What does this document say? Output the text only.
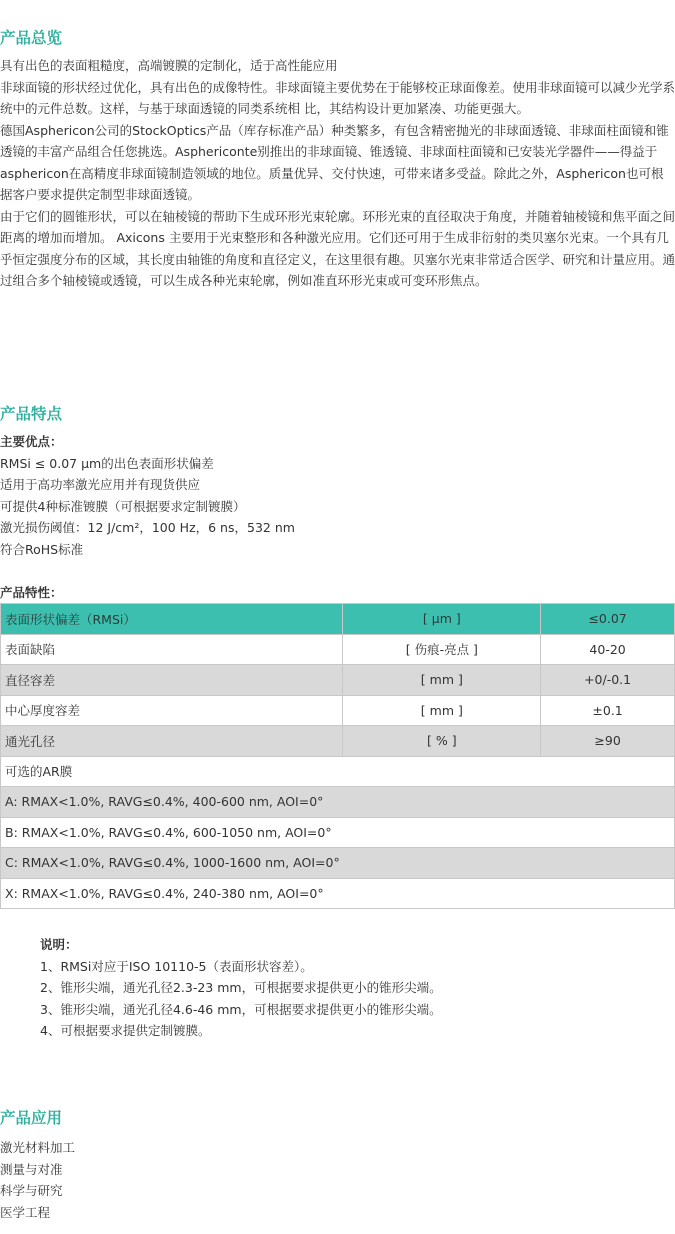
产品总览

具有出色的表面粗糙度，高端镀膜的定制化，适于高性能应用

非球面镜的形状经过优化，具有出色的成像特性。非球面镜主要优势在于能够校正球面像差。使用非球面镜可以减少光学系统中的元件总数。这样，与基于球面透镜的同类系统相 比，其结构设计更加紧凑、功能更强大。

德国Asphericon公司的StockOptics产品（库存标准产品）种类繁多，有包含精密抛光的非球面透镜、非球面柱面镜和锥透镜的丰富产品组合任您挑选。Asphericonte别推出的非球面镜、锥透镜、非球面柱面镜和已安装光学器件——得益于asphericon在高精度非球面镜制造领域的地位。质量优异、交付快速，可带来诸多受益。除此之外，Asphericon也可根据客户要求提供定制型非球面透镜。

由于它们的圆锥形状，可以在轴棱镜的帮助下生成环形光束轮廓。环形光束的直径取决于角度，并随着轴棱镜和焦平面之间距离的增加而增加。 Axicons 主要用于光束整形和各种激光应用。它们还可用于生成非衍射的类贝塞尔光束。一个具有几乎恒定强度分布的区域，其长度由轴锥的角度和直径定义，在这里很有趣。贝塞尔光束非常适合医学、研究和计量应用。通过组合多个轴棱镜或透镜，可以生成各种光束轮廓，例如准直环形光束或可变环形焦点。

产品特点
主要优点：
RMSi ≤ 0.07 µm的出色表面形状偏差
适用于高功率激光应用并有现货供应
可提供4种标准镀膜（可根据要求定制镀膜）
激光损伤阈值：12 J/cm²，100 Hz，6 ns，532 nm
符合RoHS标准
产品特性：
表面形状偏差（RMSi）	[ µm ]	≤0.07
表面缺陷	[ 伤痕-亮点 ]	40-20
直径容差	[ mm ]	+0/-0.1
中心厚度容差	[ mm ]	±0.1
通光孔径	[ % ]	≥90
可选的AR膜		
A: RMAX<1.0%, RAVG≤0.4%, 400-600 nm, AOI=0°		
B: RMAX<1.0%, RAVG≤0.4%, 600-1050 nm, AOI=0°		
C: RMAX<1.0%, RAVG≤0.4%, 1000-1600 nm, AOI=0°		
X: RMAX<1.0%, RAVG≤0.4%, 240-380 nm, AOI=0°		
说明：
1、RMSi对应于ISO 10110-5（表面形状容差）。
2、锥形尖端，通光孔径2.3-23 mm，可根据要求提供更小的锥形尖端。
3、锥形尖端，通光孔径4.6-46 mm，可根据要求提供更小的锥形尖端。
4、可根据要求提供定制镀膜。
产品应用
激光材料加工
测量与对准
科学与研究
医学工程
